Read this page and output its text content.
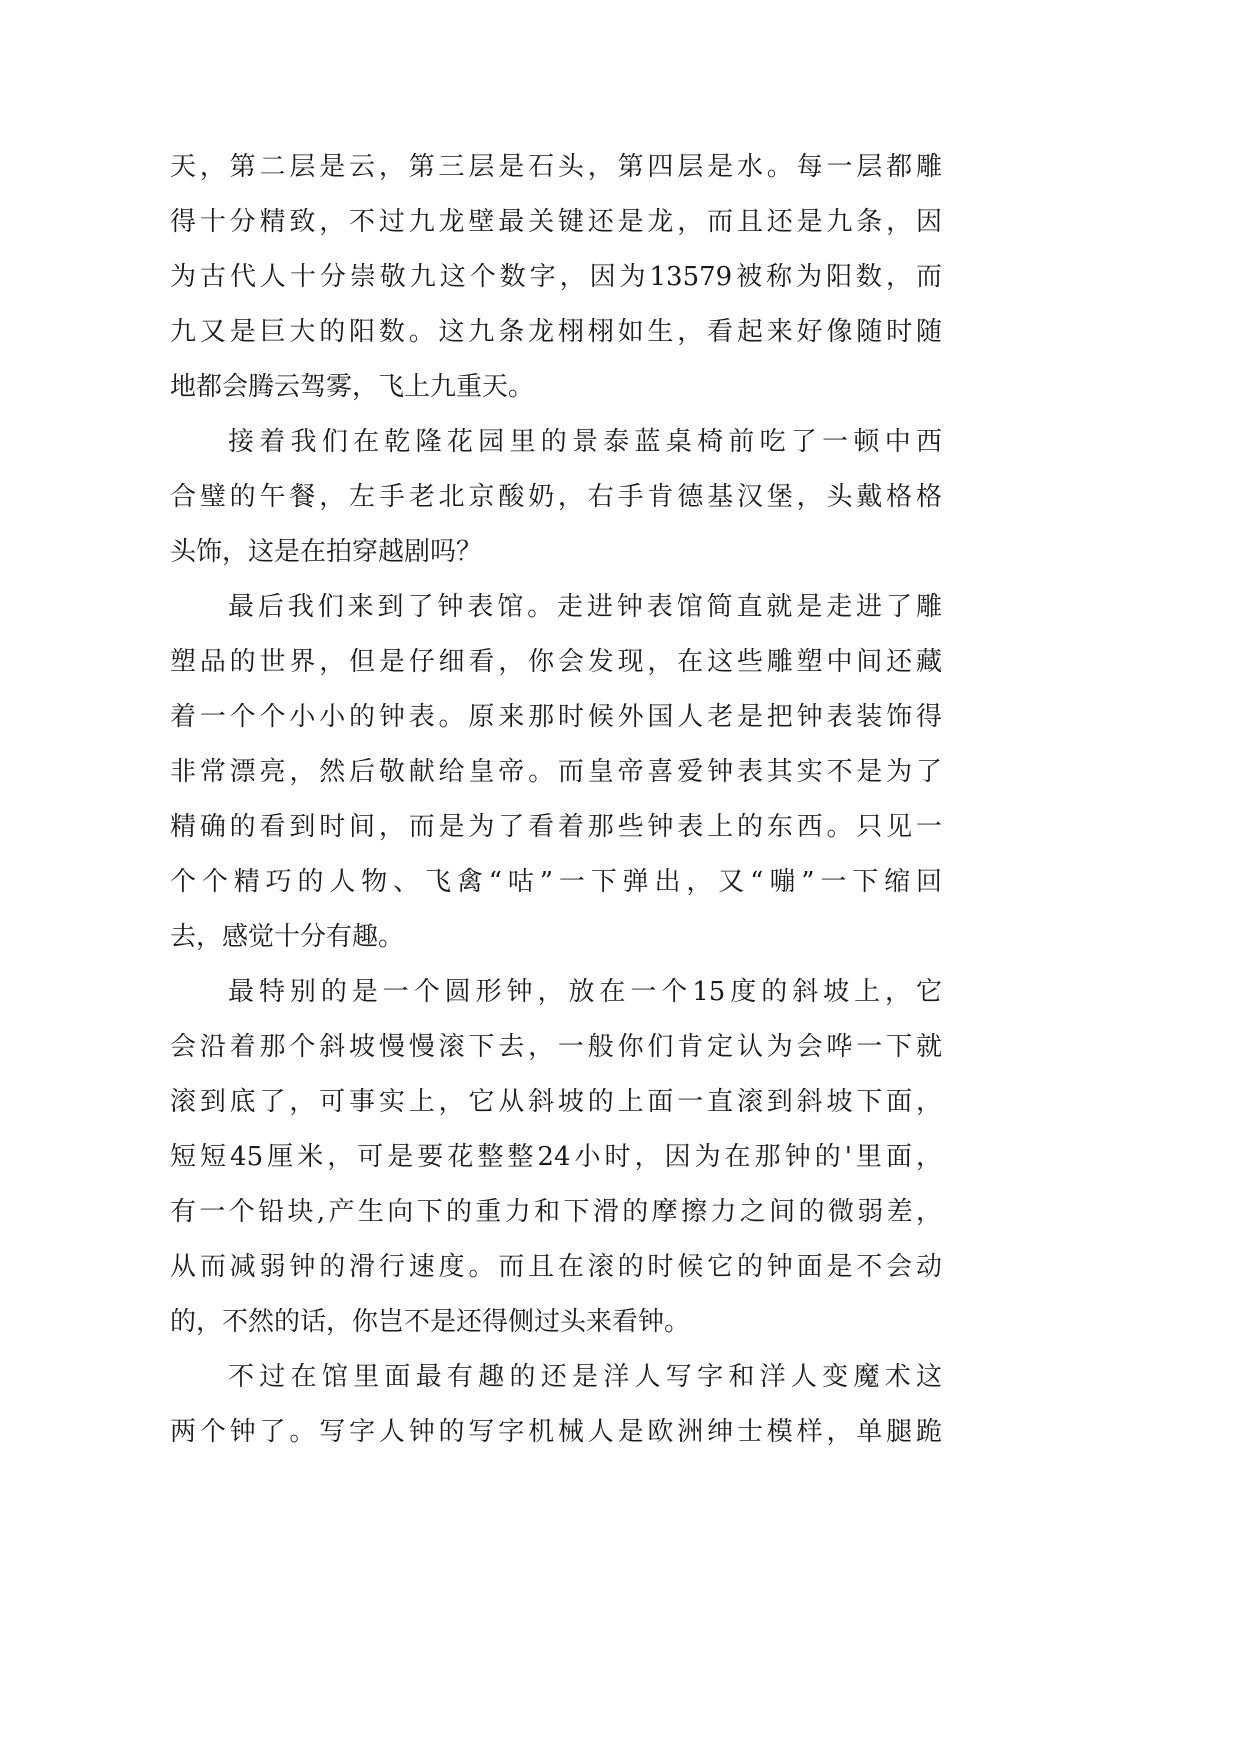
天，第二层是云，第三层是石头，第四层是水。每一层都雕
得十分精致，不过九龙壁最关键还是龙，而且还是九条，因
为古代人十分崇敬九这个数字，因为13579被称为阳数，而
九又是巨大的阳数。这九条龙栩栩如生，看起来好像随时随
地都会腾云驾雾，飞上九重天。
接着我们在乾隆花园里的景泰蓝桌椅前吃了一顿中西
合璧的午餐，左手老北京酸奶，右手肯德基汉堡，头戴格格
头饰，这是在拍穿越剧吗？
最后我们来到了钟表馆。走进钟表馆简直就是走进了雕
塑品的世界，但是仔细看，你会发现，在这些雕塑中间还藏
着一个个小小的钟表。原来那时候外国人老是把钟表装饰得
非常漂亮，然后敬献给皇帝。而皇帝喜爱钟表其实不是为了
精确的看到时间，而是为了看着那些钟表上的东西。只见一
个个精巧的人物、飞禽“咕”一下弹出，又“嘣”一下缩回
去，感觉十分有趣。
最特别的是一个圆形钟，放在一个15度的斜坡上，它
会沿着那个斜坡慢慢滚下去，一般你们肯定认为会哗一下就
滚到底了，可事实上，它从斜坡的上面一直滚到斜坡下面，
短短45厘米，可是要花整整24小时，因为在那钟的'里面，
有一个铅块,产生向下的重力和下滑的摩擦力之间的微弱差，
从而减弱钟的滑行速度。而且在滚的时候它的钟面是不会动
的，不然的话，你岂不是还得侧过头来看钟。
不过在馆里面最有趣的还是洋人写字和洋人变魔术这
两个钟了。写字人钟的写字机械人是欧洲绅士模样，单腿跪
